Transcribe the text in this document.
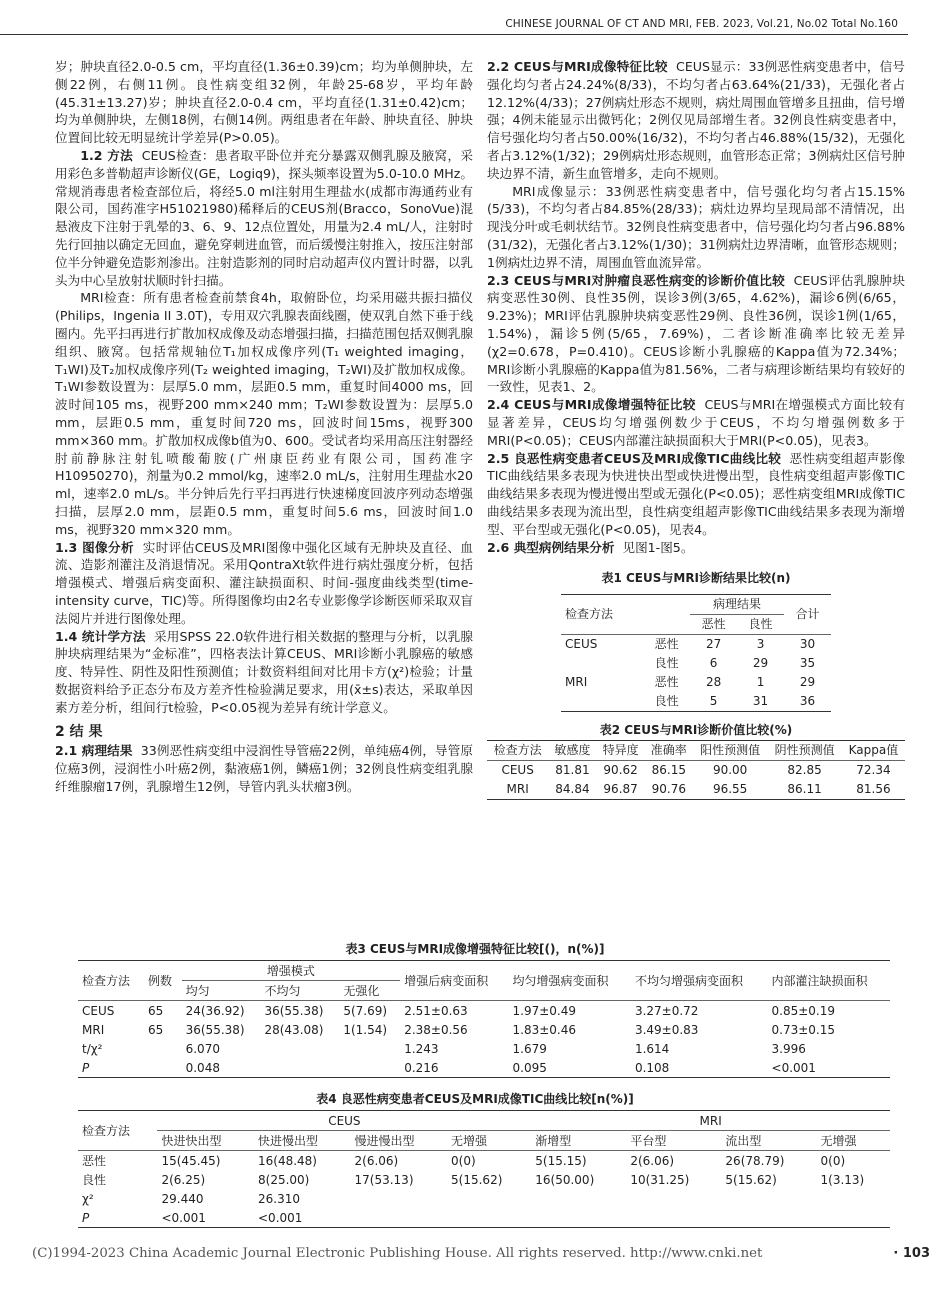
CHINESE JOURNAL OF CT AND MRI, FEB. 2023, Vol.21, No.02 Total No.160

岁；肿块直径2.0-0.5 cm，平均直径(1.36±0.39)cm；均为单侧肿块，左侧22例，右侧11例。良性病变组32例，年龄25-68岁，平均年龄(45.31±13.27)岁；肿块直径2.0-0.4 cm，平均直径(1.31±0.42)cm；均为单侧肿块，左侧18例，右侧14例。两组患者在年龄、肿块直径、肿块位置间比较无明显统计学差异(P>0.05)。

1.2 方法 CEUS检查：患者取平卧位并充分暴露双侧乳腺及腋窝，采用彩色多普勒超声诊断仪(GE，Logiq9)，探头频率设置为5.0-10.0 MHz。常规消毒患者检查部位后，将经5.0 ml注射用生理盐水(成都市海通药业有限公司，国药准字H51021980)稀释后的CEUS剂(Bracco，SonoVue)混悬液皮下注射于乳晕的3、6、9、12点位置处，用量为2.4 mL/人，注射时先行回抽以确定无回血，避免穿刺进血管，而后缓慢注射推入，按压注射部位半分钟避免造影剂渗出。注射造影剂的同时启动超声仪内置计时器，以乳头为中心呈放射状顺时针扫描。

MRI检查：所有患者检查前禁食4h，取俯卧位，均采用磁共振扫描仪(Philips，Ingenia II 3.0T)，专用双穴乳腺表面线圈，使双乳自然下垂于线圈内。先平扫再进行扩散加权成像及动态增强扫描，扫描范围包括双侧乳腺组织、腋窝。包括常规轴位T₁加权成像序列(T₁ weighted imaging，T₁WI)及T₂加权成像序列(T₂ weighted imaging，T₂WI)及扩散加权成像。T₁WI参数设置为：层厚5.0 mm，层距0.5 mm，重复时间4000 ms，回波时间105 ms，视野200 mm×240 mm；T₂WI参数设置为：层厚5.0 mm，层距0.5 mm，重复时间720 ms，回波时间15ms，视野300 mm×360 mm。扩散加权成像b值为0、600。受试者均采用高压注射器经肘前静脉注射钆喷酸葡胺(广州康臣药业有限公司，国药准字H10950270)，剂量为0.2 mmol/kg，速率2.0 mL/s，注射用生理盐水20 ml，速率2.0 mL/s。半分钟后先行平扫再进行快速梯度回波序列动态增强扫描，层厚2.0 mm，层距0.5 mm，重复时间5.6 ms，回波时间1.0 ms，视野320 mm×320 mm。

1.3 图像分析 实时评估CEUS及MRI图像中强化区域有无肿块及直径、血流、造影剂灌注及消退情况。采用QontraXt软件进行病灶强度分析，包括增强模式、增强后病变面积、灌注缺损面积、时间-强度曲线类型(time-intensity curve，TIC)等。所得图像均由2名专业影像学诊断医师采取双盲法阅片并进行图像处理。

1.4 统计学方法 采用SPSS 22.0软件进行相关数据的整理与分析，以乳腺肿块病理结果为“金标准”，四格表法计算CEUS、MRI诊断小乳腺癌的敏感度、特异性、阴性及阳性预测值；计数资料组间对比用卡方(χ²)检验；计量数据资料给予正态分布及方差齐性检验满足要求，用(x̄±s)表达，采取单因素方差分析，组间行t检验，P<0.05视为差异有统计学意义。

2 结 果

2.1 病理结果 33例恶性病变组中浸润性导管癌22例，单纯癌4例，导管原位癌3例，浸润性小叶癌2例，黏液癌1例，鳞癌1例；32例良性病变组乳腺纤维腺瘤17例，乳腺增生12例，导管内乳头状瘤3例。

2.2 CEUS与MRI成像特征比较 CEUS显示：33例恶性病变患者中，信号强化均匀者占24.24%(8/33)，不均匀者占63.64%(21/33)，无强化者占12.12%(4/33)；27例病灶形态不规则，病灶周围血管增多且扭曲，信号增强；4例未能显示出微钙化；2例仅见局部增生者。32例良性病变患者中，信号强化均匀者占50.00%(16/32)，不均匀者占46.88%(15/32)，无强化者占3.12%(1/32)；29例病灶形态规则，血管形态正常；3例病灶区信号肿块边界不清，新生血管增多，走向不规则。

MRI成像显示：33例恶性病变患者中，信号强化均匀者占15.15%(5/33)，不均匀者占84.85%(28/33)；病灶边界均呈现局部不清情况，出现浅分叶或毛刺状结节。32例良性病变患者中，信号强化均匀者占96.88%(31/32)，无强化者占3.12%(1/30)；31例病灶边界清晰，血管形态规则；1例病灶边界不清，周围血管血流异常。

2.3 CEUS与MRI对肿瘤良恶性病变的诊断价值比较 CEUS评估乳腺肿块病变恶性30例、良性35例，误诊3例(3/65，4.62%)，漏诊6例(6/65，9.23%)；MRI评估乳腺肿块病变恶性29例、良性36例，误诊1例(1/65，1.54%)，漏诊5例(5/65，7.69%)，二者诊断准确率比较无差异(χ2=0.678，P=0.410)。CEUS诊断小乳腺癌的Kappa值为72.34%；MRI诊断小乳腺癌的Kappa值为81.56%，二者与病理诊断结果均有较好的一致性，见表1、2。

2.4 CEUS与MRI成像增强特征比较 CEUS与MRI在增强模式方面比较有显著差异，CEUS均匀增强例数少于CEUS，不均匀增强例数多于MRI(P<0.05)；CEUS内部灌注缺损面积大于MRI(P<0.05)，见表3。

2.5 良恶性病变患者CEUS及MRI成像TIC曲线比较 恶性病变组超声影像TIC曲线结果多表现为快进快出型或快进慢出型，良性病变组超声影像TIC曲线结果多表现为慢进慢出型或无强化(P<0.05)；恶性病变组MRI成像TIC曲线结果多表现为流出型，良性病变组超声影像TIC曲线结果多表现为渐增型、平台型或无强化(P<0.05)，见表4。

2.6 典型病例结果分析 见图1-图5。

表1 CEUS与MRI诊断结果比较(n)

检查方法		病理结果		合计
		恶性	良性	
CEUS	恶性	27	3	30
	良性	6	29	35
MRI	恶性	28	1	29
	良性	5	31	36

表2 CEUS与MRI诊断价值比较(%)

检查方法	敏感度	特异度	准确率	阳性预测值	阴性预测值	Kappa值
CEUS	81.81	90.62	86.15	90.00	82.85	72.34
MRI	84.84	96.87	90.76	96.55	86.11	81.56

表3 CEUS与MRI成像增强特征比较[()，n(%)]

检查方法	例数	增强模式			增强后病变面积	均匀增强病变面积	不均匀增强病变面积	内部灌注缺损面积
		均匀	不均匀	无强化				
CEUS	65	24(36.92)	36(55.38)	5(7.69)	2.51±0.63	1.97±0.49	3.27±0.72	0.85±0.19
MRI	65	36(55.38)	28(43.08)	1(1.54)	2.38±0.56	1.83±0.46	3.49±0.83	0.73±0.15
t/χ²		6.070			1.243	1.679	1.614	3.996
P		0.048			0.216	0.095	0.108	<0.001

表4 良恶性病变患者CEUS及MRI成像TIC曲线比较[n(%)]

检查方法	CEUS				MRI			
	快进快出型	快进慢出型	慢进慢出型	无增强	渐增型	平台型	流出型	无增强
恶性	15(45.45)	16(48.48)	2(6.06)	0(0)	5(15.15)	2(6.06)	26(78.79)	0(0)
良性	2(6.25)	8(25.00)	17(53.13)	5(15.62)	16(50.00)	10(31.25)	5(15.62)	1(3.13)
χ²	29.440	26.310						
P	<0.001	<0.001						
(C)1994-2023 China Academic Journal Electronic Publishing House. All rights reserved. http://www.cnki.net	· 103
